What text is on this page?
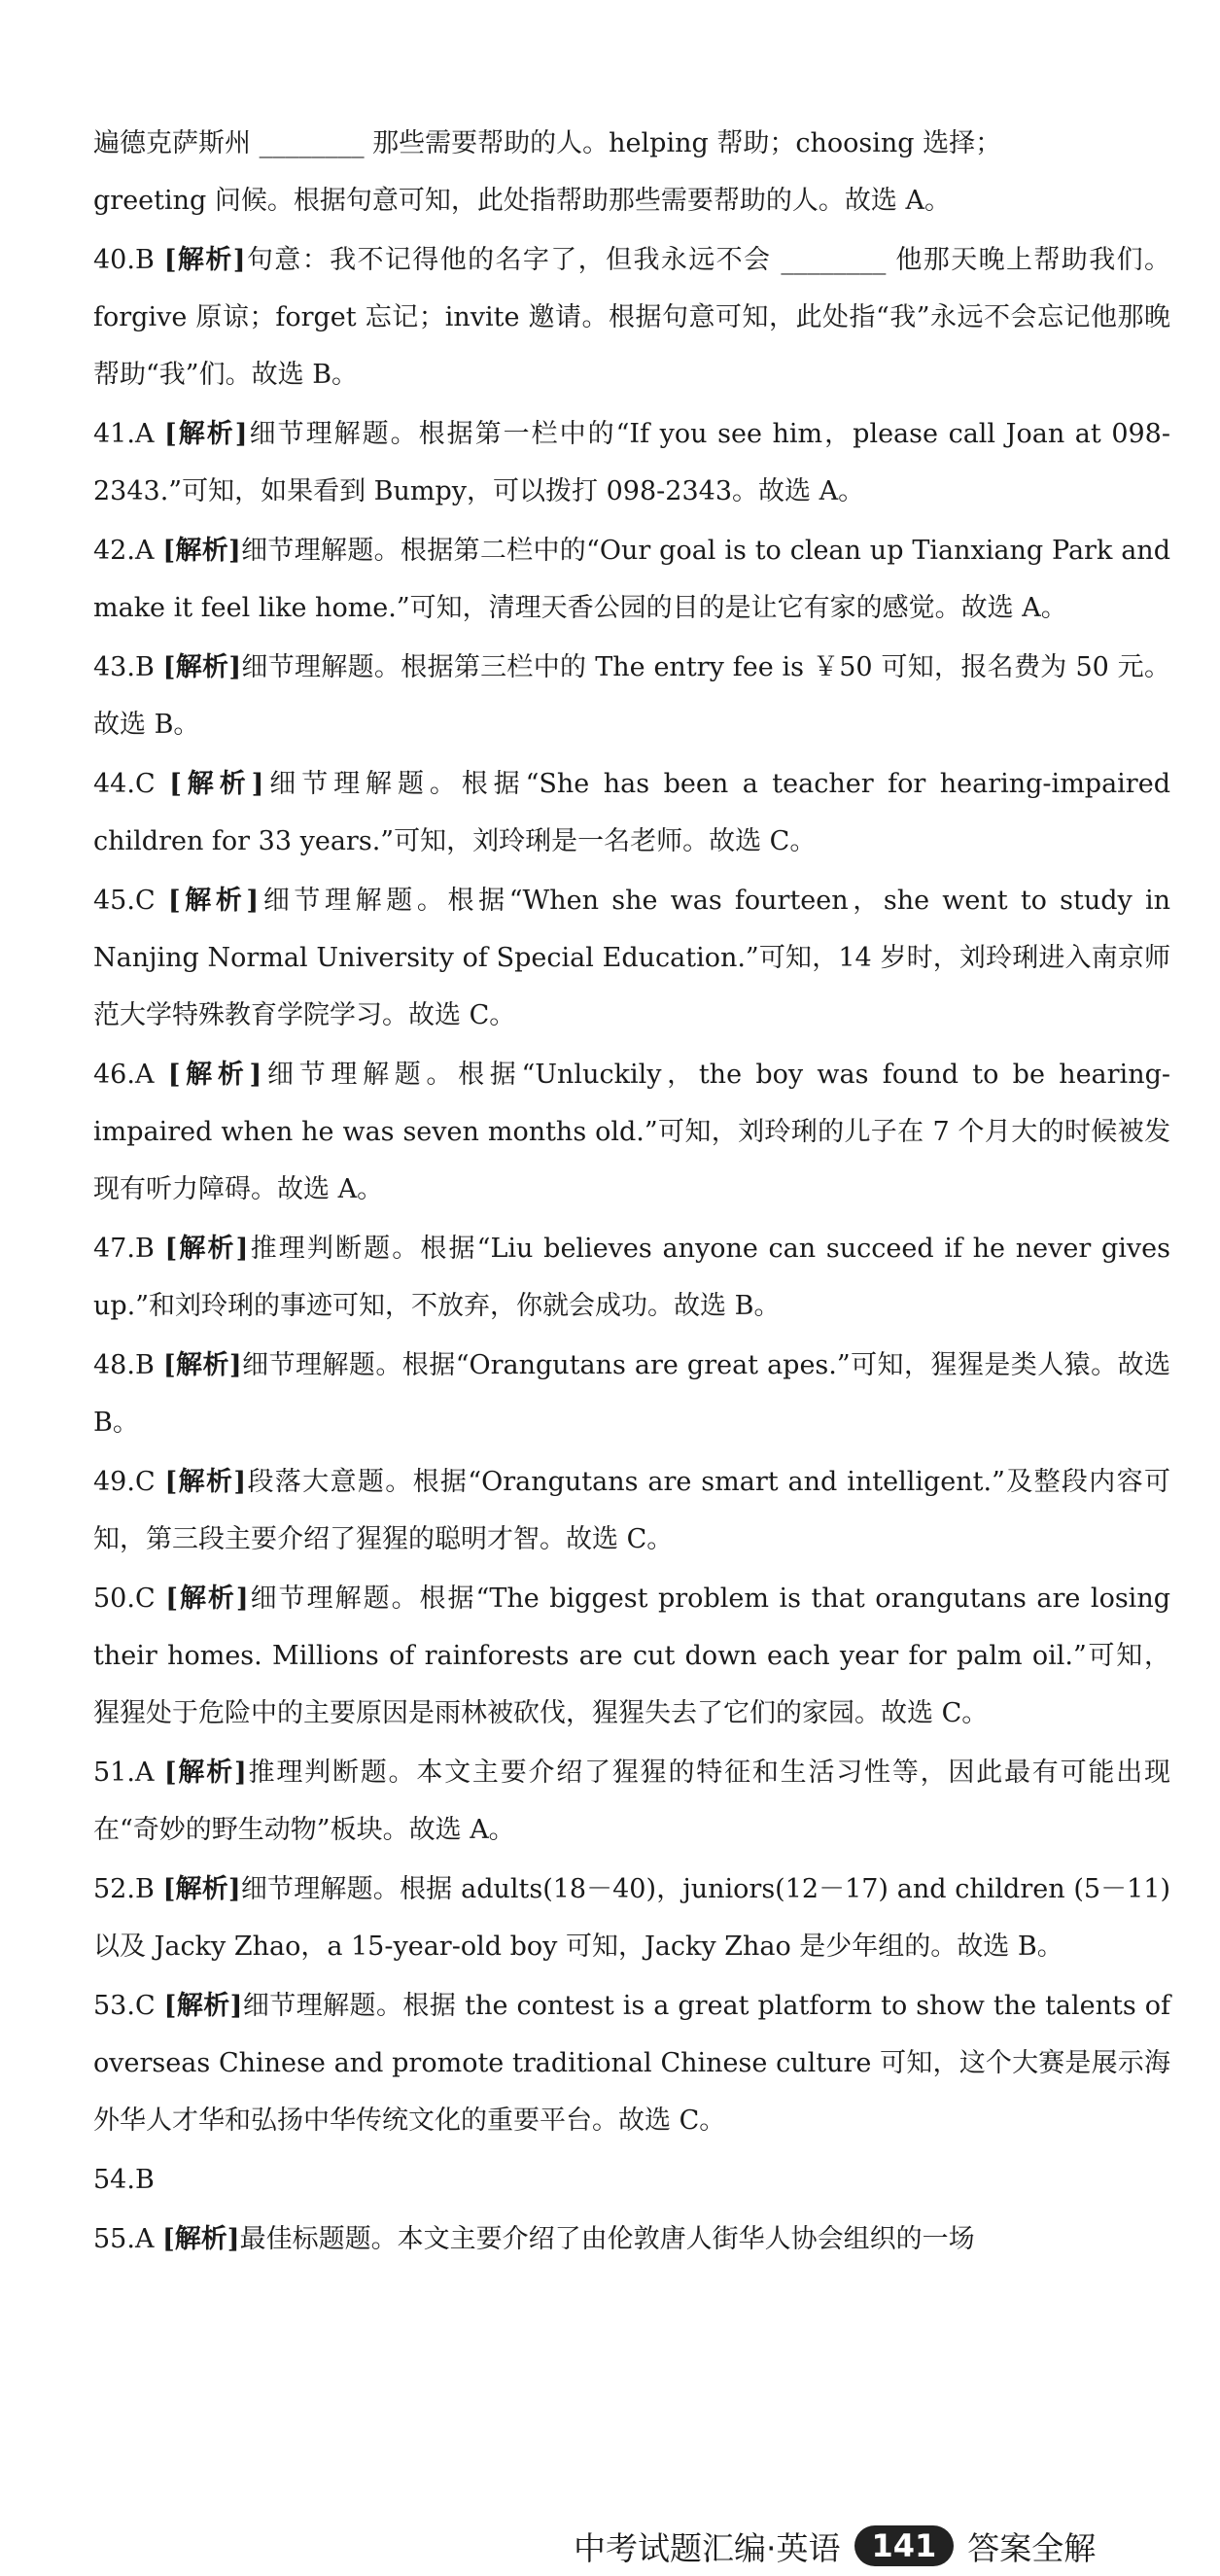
遍德克萨斯州 ________ 那些需要帮助的人。helping 帮助；choosing 选择；

greeting 问候。根据句意可知，此处指帮助那些需要帮助的人。故选 A。

40.B [解析]句意：我不记得他的名字了，但我永远不会 ________ 他那天晚上帮助我们。forgive 原谅；forget 忘记；invite 邀请。根据句意可知，此处指“我”永远不会忘记他那晚帮助“我”们。故选 B。

41.A [解析]细节理解题。根据第一栏中的“If you see him，please call Joan at 098-2343.”可知，如果看到 Bumpy，可以拨打 098-2343。故选 A。

42.A [解析]细节理解题。根据第二栏中的“Our goal is to clean up Tianxiang Park and make it feel like home.”可知，清理天香公园的目的是让它有家的感觉。故选 A。

43.B [解析]细节理解题。根据第三栏中的 The entry fee is ￥50 可知，报名费为 50 元。故选 B。

44.C [解析]细节理解题。根据“She has been a teacher for hearing-impaired children for 33 years.”可知，刘玲琍是一名老师。故选 C。

45.C [解析]细节理解题。根据“When she was fourteen，she went to study in Nanjing Normal University of Special Education.”可知，14 岁时，刘玲琍进入南京师范大学特殊教育学院学习。故选 C。

46.A [解析]细节理解题。根据“Unluckily，the boy was found to be hearing-impaired when he was seven months old.”可知，刘玲琍的儿子在 7 个月大的时候被发现有听力障碍。故选 A。

47.B [解析]推理判断题。根据“Liu believes anyone can succeed if he never gives up.”和刘玲琍的事迹可知，不放弃，你就会成功。故选 B。

48.B [解析]细节理解题。根据“Orangutans are great apes.”可知，猩猩是类人猿。故选 B。

49.C [解析]段落大意题。根据“Orangutans are smart and intelligent.”及整段内容可知，第三段主要介绍了猩猩的聪明才智。故选 C。

50.C [解析]细节理解题。根据“The biggest problem is that orangutans are losing their homes. Millions of rainforests are cut down each year for palm oil.”可知，猩猩处于危险中的主要原因是雨林被砍伐，猩猩失去了它们的家园。故选 C。

51.A [解析]推理判断题。本文主要介绍了猩猩的特征和生活习性等，因此最有可能出现在“奇妙的野生动物”板块。故选 A。

52.B [解析]细节理解题。根据 adults(18－40)，juniors(12－17) and children (5－11)以及 Jacky Zhao，a 15-year-old boy 可知，Jacky Zhao 是少年组的。故选 B。

53.C [解析]细节理解题。根据 the contest is a great platform to show the talents of overseas Chinese and promote traditional Chinese culture 可知，这个大赛是展示海外华人才华和弘扬中华传统文化的重要平台。故选 C。

54.B

55.A [解析]最佳标题题。本文主要介绍了由伦敦唐人街华人协会组织的一场

中考试题汇编·英语	141 答案全解
